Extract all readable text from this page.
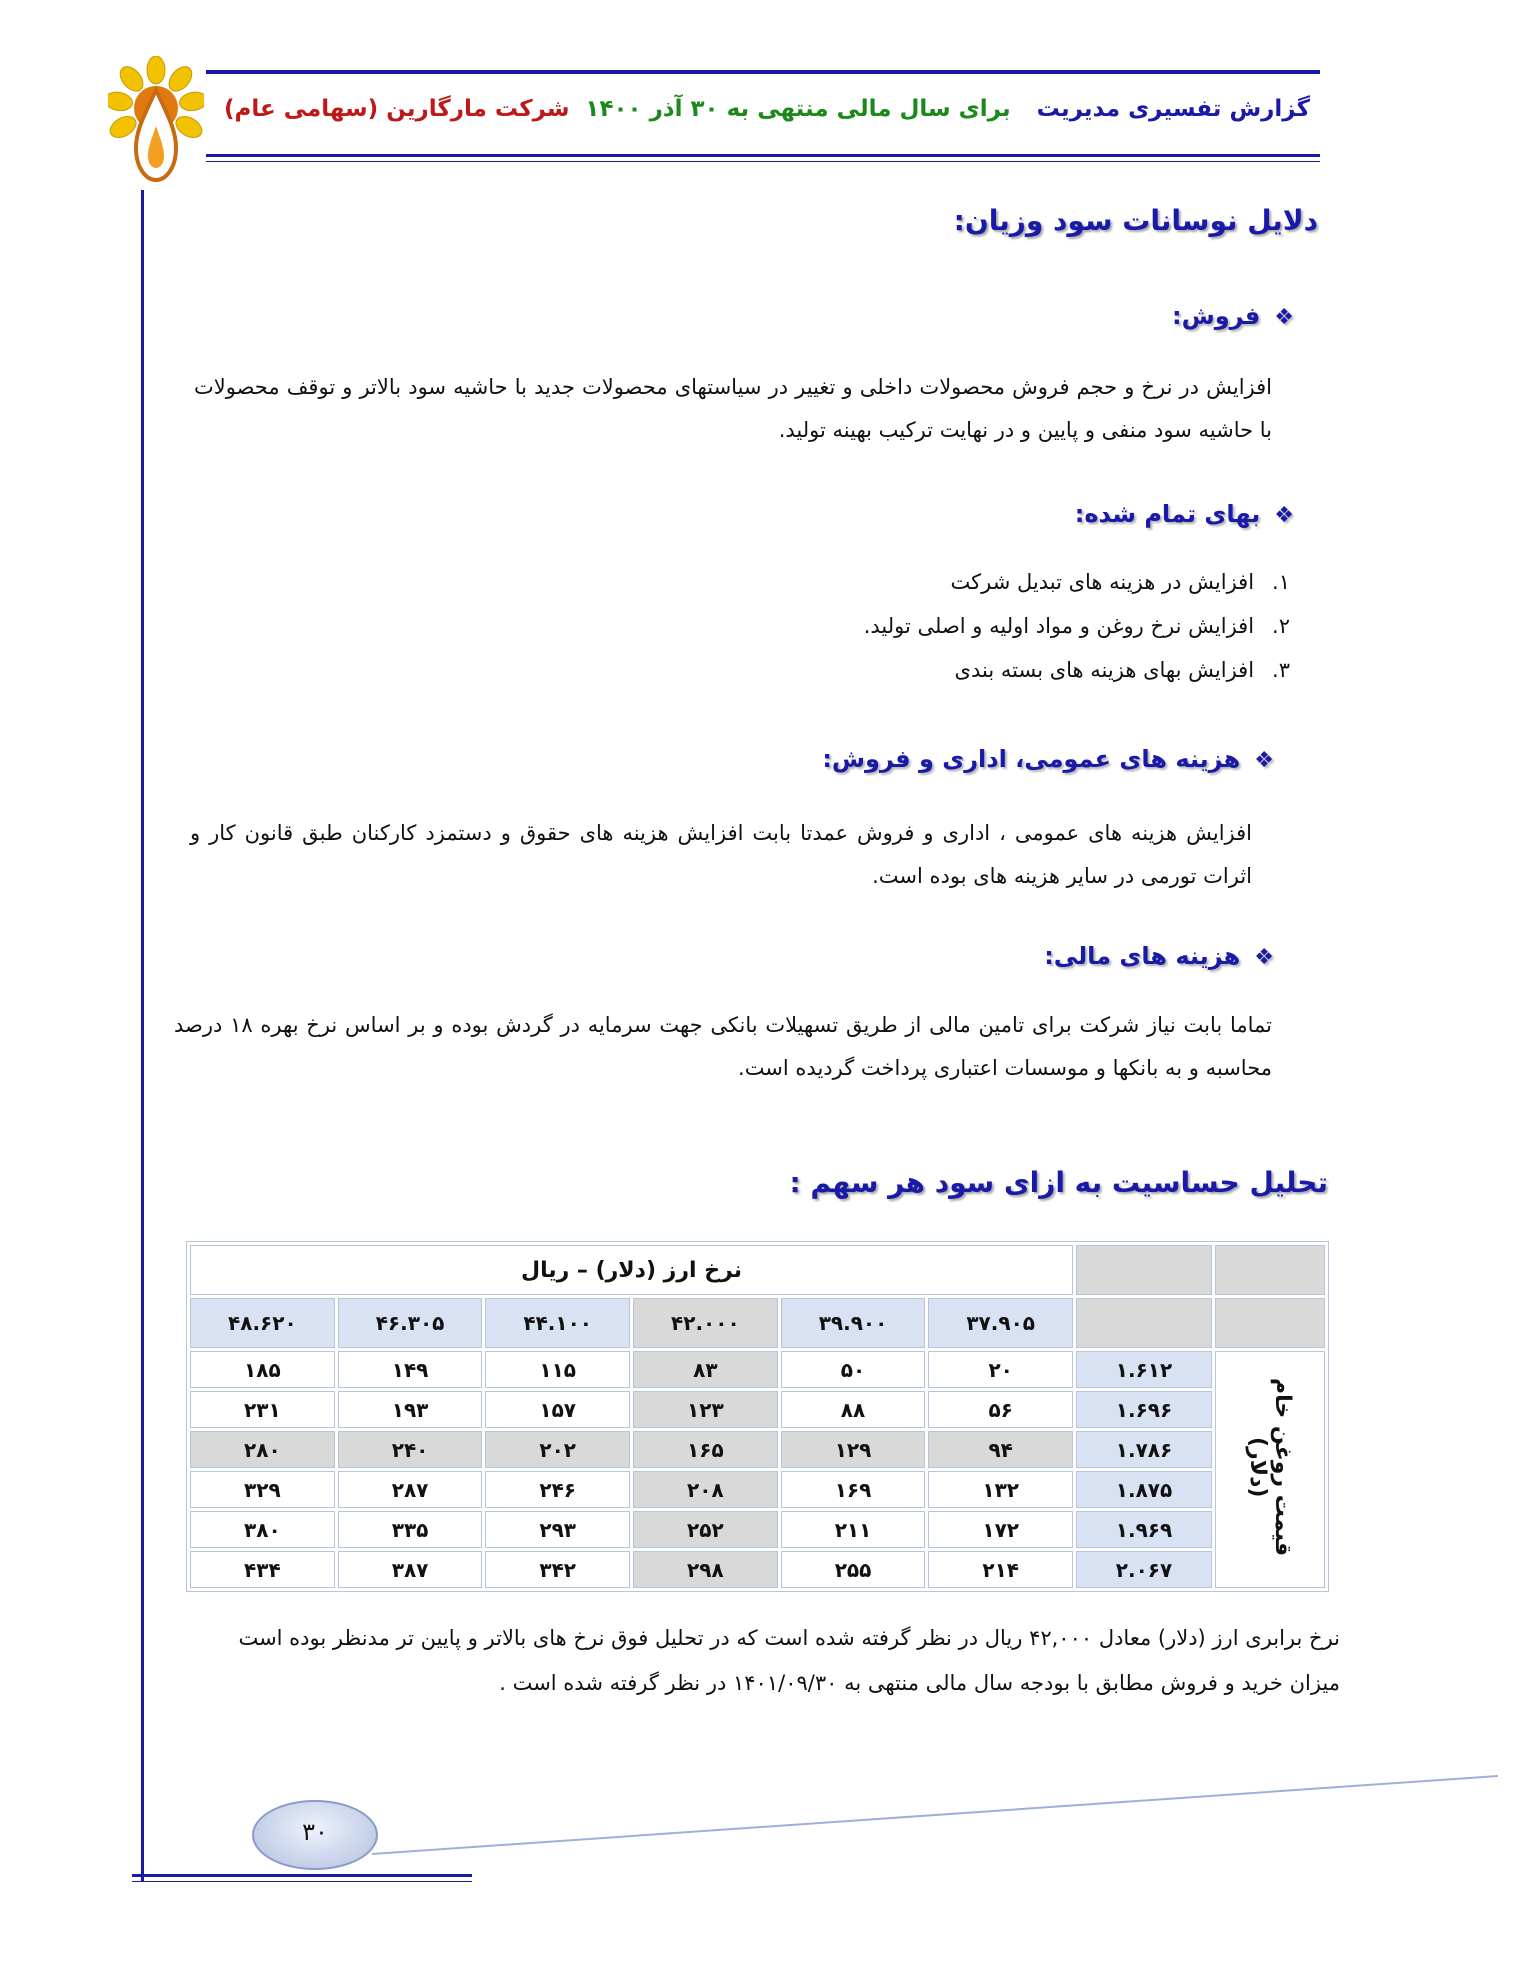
گزارش تفسیری مدیریت برای سال مالی منتهی به ۳۰ آذر ۱۴۰۰
شرکت مارگارین (سهامی عام)
دلایل نوسانات سود وزیان:
❖فروش:
افزایش در نرخ و حجم فروش محصولات داخلی و تغییر در سیاستهای محصولات جدید با حاشیه سود بالاتر و توقف محصولات با حاشیه سود منفی و پایین و در نهایت ترکیب بهینه تولید.
❖بهای تمام شده:
۱.افزایش در هزینه های تبدیل شرکت
۲.افزایش نرخ روغن و مواد اولیه و اصلی تولید.
۳.افزایش بهای هزینه های بسته بندی
❖هزینه های عمومی، اداری و فروش:
افزایش هزینه های عمومی ، اداری و فروش عمدتا بابت افزایش هزینه های حقوق و دستمزد کارکنان طبق قانون کار و اثرات تورمی در سایر هزینه های بوده است.
❖هزینه های مالی:
تماما بابت نیاز شرکت برای تامین مالی از طریق تسهیلات بانکی جهت سرمایه در گردش بوده و بر اساس نرخ بهره ۱۸ درصد محاسبه و به بانکها و موسسات اعتباری پرداخت گردیده است.
تحلیل حساسیت به ازای سود هر سهم :
		نرخ ارز (دلار) – ریال					
		۳۷.۹۰۵	۳۹.۹۰۰	۴۲.۰۰۰	۴۴.۱۰۰	۴۶.۳۰۵	۴۸.۶۲۰
قیمت روغن خام (دلار)	۱.۶۱۲	۲۰	۵۰	۸۳	۱۱۵	۱۴۹	۱۸۵
	۱.۶۹۶	۵۶	۸۸	۱۲۳	۱۵۷	۱۹۳	۲۳۱
	۱.۷۸۶	۹۴	۱۲۹	۱۶۵	۲۰۲	۲۴۰	۲۸۰
	۱.۸۷۵	۱۳۲	۱۶۹	۲۰۸	۲۴۶	۲۸۷	۳۲۹
	۱.۹۶۹	۱۷۲	۲۱۱	۲۵۲	۲۹۳	۳۳۵	۳۸۰
	۲.۰۶۷	۲۱۴	۲۵۵	۲۹۸	۳۴۲	۳۸۷	۴۳۴
نرخ برابری ارز (دلار) معادل ۴۲,۰۰۰ ریال در نظر گرفته شده است که در تحلیل فوق نرخ های بالاتر و پایین تر مدنظر بوده است میزان خرید و فروش مطابق با بودجه سال مالی منتهی به ۱۴۰۱/۰۹/۳۰ در نظر گرفته شده است .
۳۰
